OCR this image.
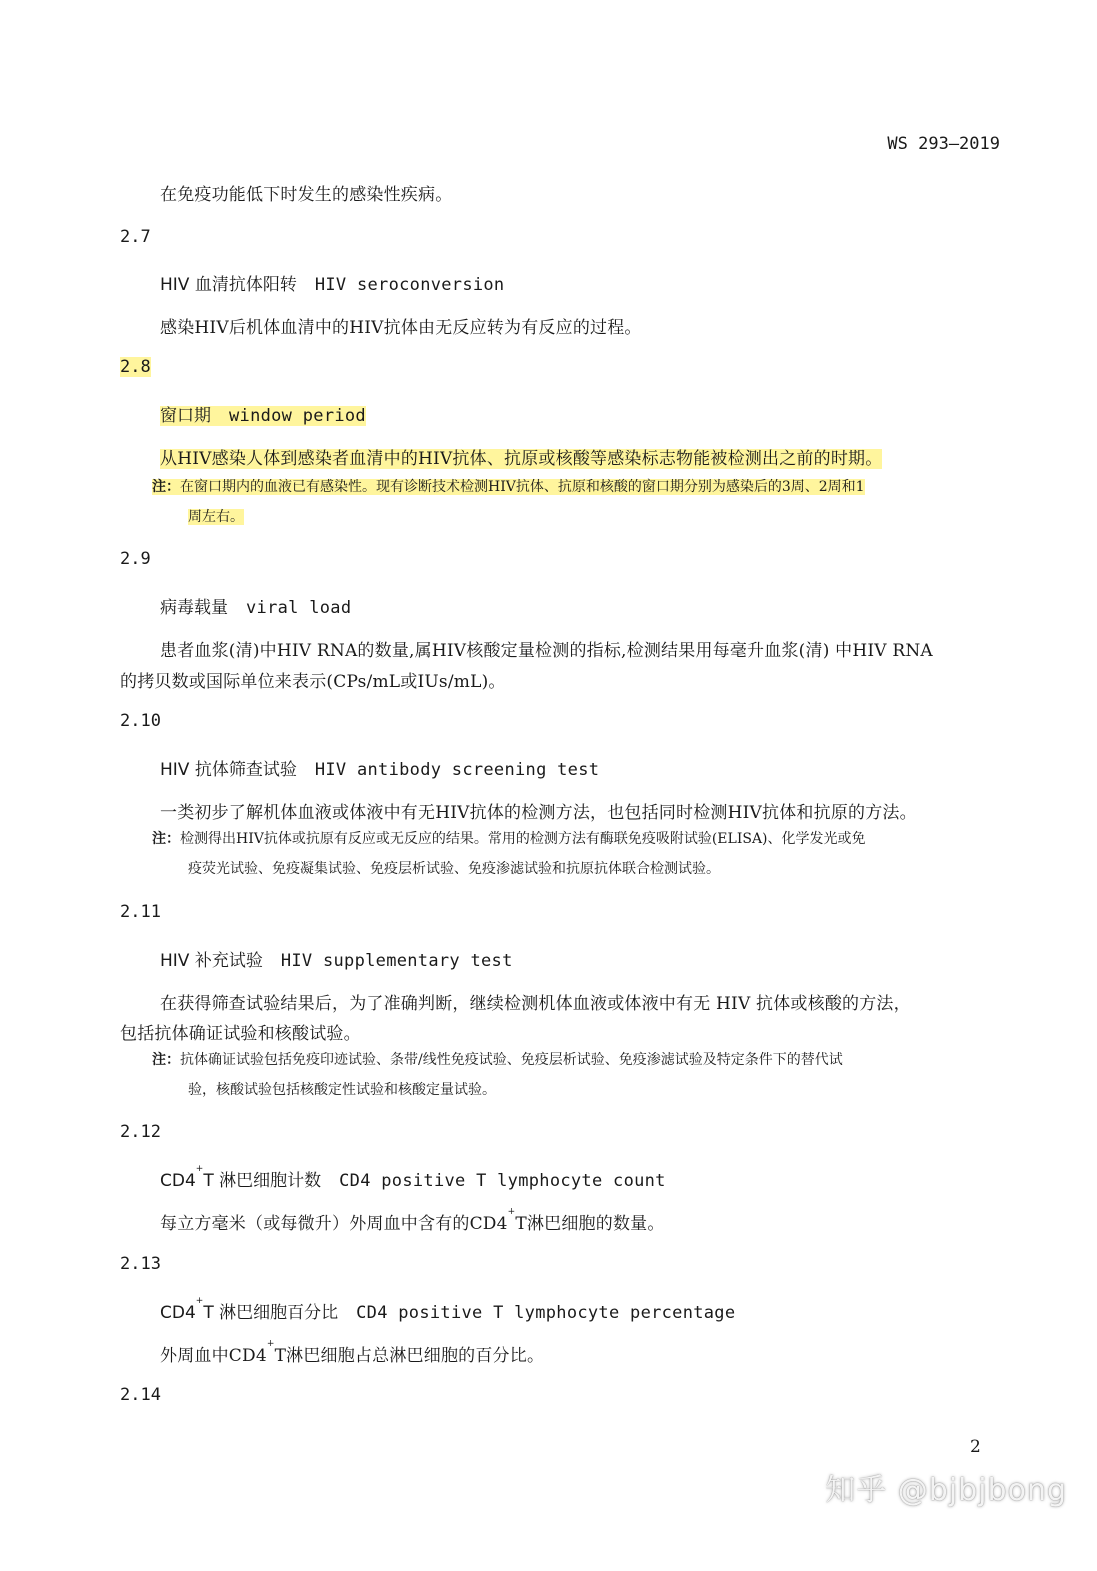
WS 293—2019
在免疫功能低下时发生的感染性疾病。
2.7
HIV 血清抗体阳转 HIV seroconversion
感染HIV后机体血清中的HIV抗体由无反应转为有反应的过程。
2.8
窗口期 window period
从HIV感染人体到感染者血清中的HIV抗体、抗原或核酸等感染标志物能被检测出之前的时期。
注：在窗口期内的血液已有感染性。现有诊断技术检测HIV抗体、抗原和核酸的窗口期分别为感染后的3周、2周和1
周左右。
2.9
病毒载量 viral load
患者血浆(清)中HIV RNA的数量,属HIV核酸定量检测的指标,检测结果用每毫升血浆(清) 中HIV RNA
的拷贝数或国际单位来表示(CPs/mL或IUs/mL)。
2.10
HIV 抗体筛查试验 HIV antibody screening test
一类初步了解机体血液或体液中有无HIV抗体的检测方法，也包括同时检测HIV抗体和抗原的方法。
注：检测得出HIV抗体或抗原有反应或无反应的结果。常用的检测方法有酶联免疫吸附试验(ELISA)、化学发光或免
疫荧光试验、免疫凝集试验、免疫层析试验、免疫渗滤试验和抗原抗体联合检测试验。
2.11
HIV 补充试验 HIV supplementary test
在获得筛查试验结果后，为了准确判断，继续检测机体血液或体液中有无 HIV 抗体或核酸的方法，
包括抗体确证试验和核酸试验。
注：抗体确证试验包括免疫印迹试验、条带/线性免疫试验、免疫层析试验、免疫渗滤试验及特定条件下的替代试
验，核酸试验包括核酸定性试验和核酸定量试验。
2.12
CD4+T 淋巴细胞计数 CD4 positive T lymphocyte count
每立方毫米（或每微升）外周血中含有的CD4+T淋巴细胞的数量。
2.13
CD4+T 淋巴细胞百分比 CD4 positive T lymphocyte percentage
外周血中CD4+T淋巴细胞占总淋巴细胞的百分比。
2.14
2
知乎 @bjbjbong
